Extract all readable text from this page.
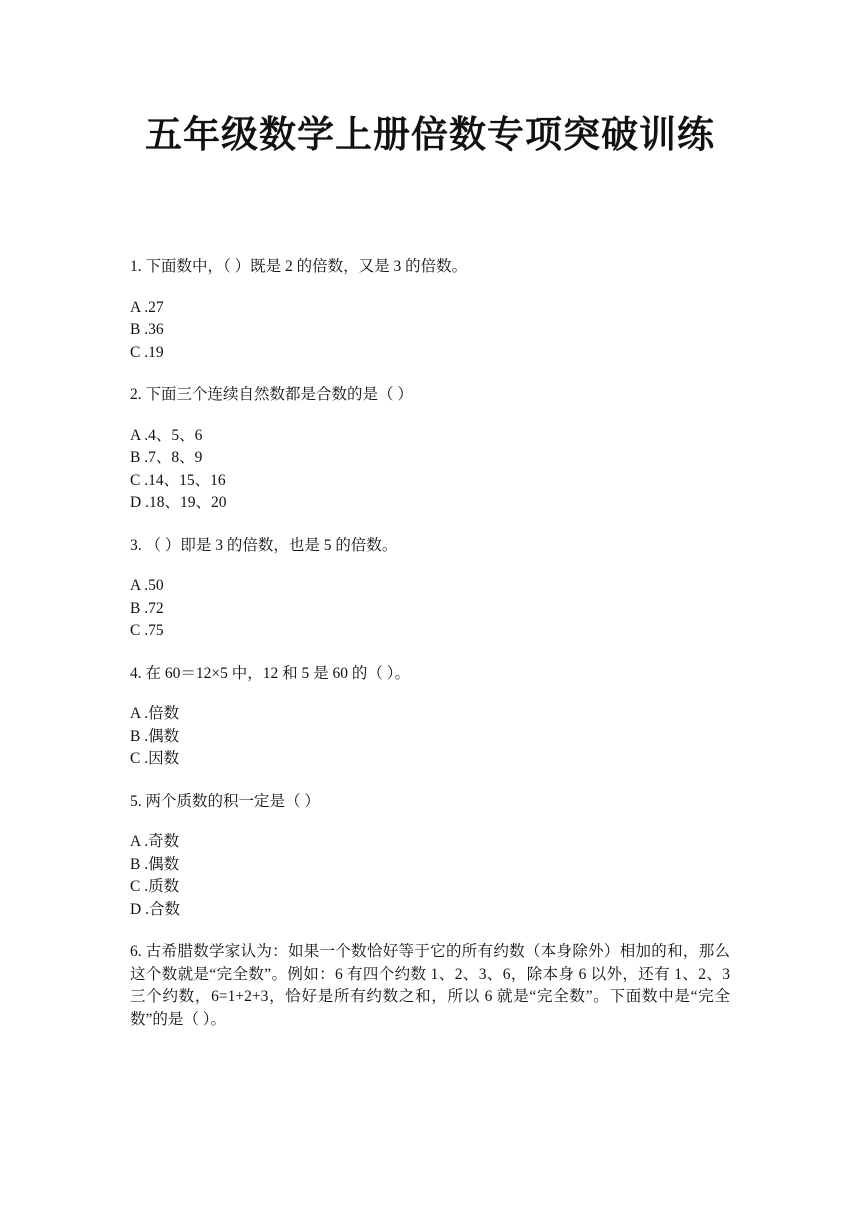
五年级数学上册倍数专项突破训练

1. 下面数中，（ ）既是 2 的倍数，又是 3 的倍数。

A .27
B .36
C .19

2. 下面三个连续自然数都是合数的是（ ）

A .4、5、6
B .7、8、9
C .14、15、16
D .18、19、20

3. （ ）即是 3 的倍数，也是 5 的倍数。

A .50
B .72
C .75

4. 在 60＝12×5 中，12 和 5 是 60 的（ ）。

A .倍数
B .偶数
C .因数

5. 两个质数的积一定是（ ）

A .奇数
B .偶数
C .质数
D .合数

6. 古希腊数学家认为：如果一个数恰好等于它的所有约数（本身除外）相加的和，那么这个数就是“完全数”。例如：6 有四个约数 1、2、3、6，除本身 6 以外，还有 1、2、3 三个约数，6=1+2+3，恰好是所有约数之和，所以 6 就是“完全数”。下面数中是“完全数”的是（ ）。
